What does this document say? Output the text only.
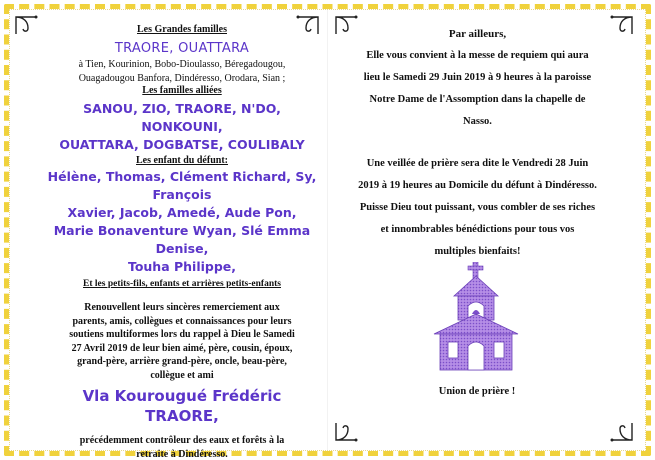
Les Grandes familles
TRAORE, OUATTARA
à Tien, Kourinion, Bobo-Dioulasso, Béregadougou,
Ouagadougou Banfora, Dindéresso, Orodara, Sian ;
Les familles alliées
SANOU, ZIO, TRAORE, N'DO, NONKOUNI,
OUATTARA, DOGBATSE, COULIBALY
Les enfant du défunt:
Hélène, Thomas, Clément Richard, Sy, François
Xavier, Jacob, Amedé, Aude Pon,
Marie Bonaventure Wyan, Slé Emma Denise,
Touha Philippe,
Et les petits-fils, enfants et arrières petits-enfants
Renouvellent leurs sincères remerciement aux
parents, amis, collègues et connaissances pour leurs
soutiens multiformes lors du rappel à Dieu le Samedi
27 Avril 2019 de leur bien aimé, père, cousin, époux,
grand-père, arrière grand-père, oncle, beau-père,
collègue et ami
Vla Kourougué Frédéric TRAORE,
précédemment contrôleur des eaux et forêts à la
retraite à Dindéresso.
Par ailleurs,
Elle vous convient à la messe de requiem qui aura
lieu le Samedi 29 Juin 2019 à 9 heures à la paroisse
Notre Dame de l'Assomption dans la chapelle de
Nasso.
Une veillée de prière sera dite le Vendredi 28 Juin
2019 à 19 heures au Domicile du défunt à Dindéresso.
Puisse Dieu tout puissant, vous combler de ses riches
et innombrables bénédictions pour tous vos
multiples bienfaits!
Union de prière !
